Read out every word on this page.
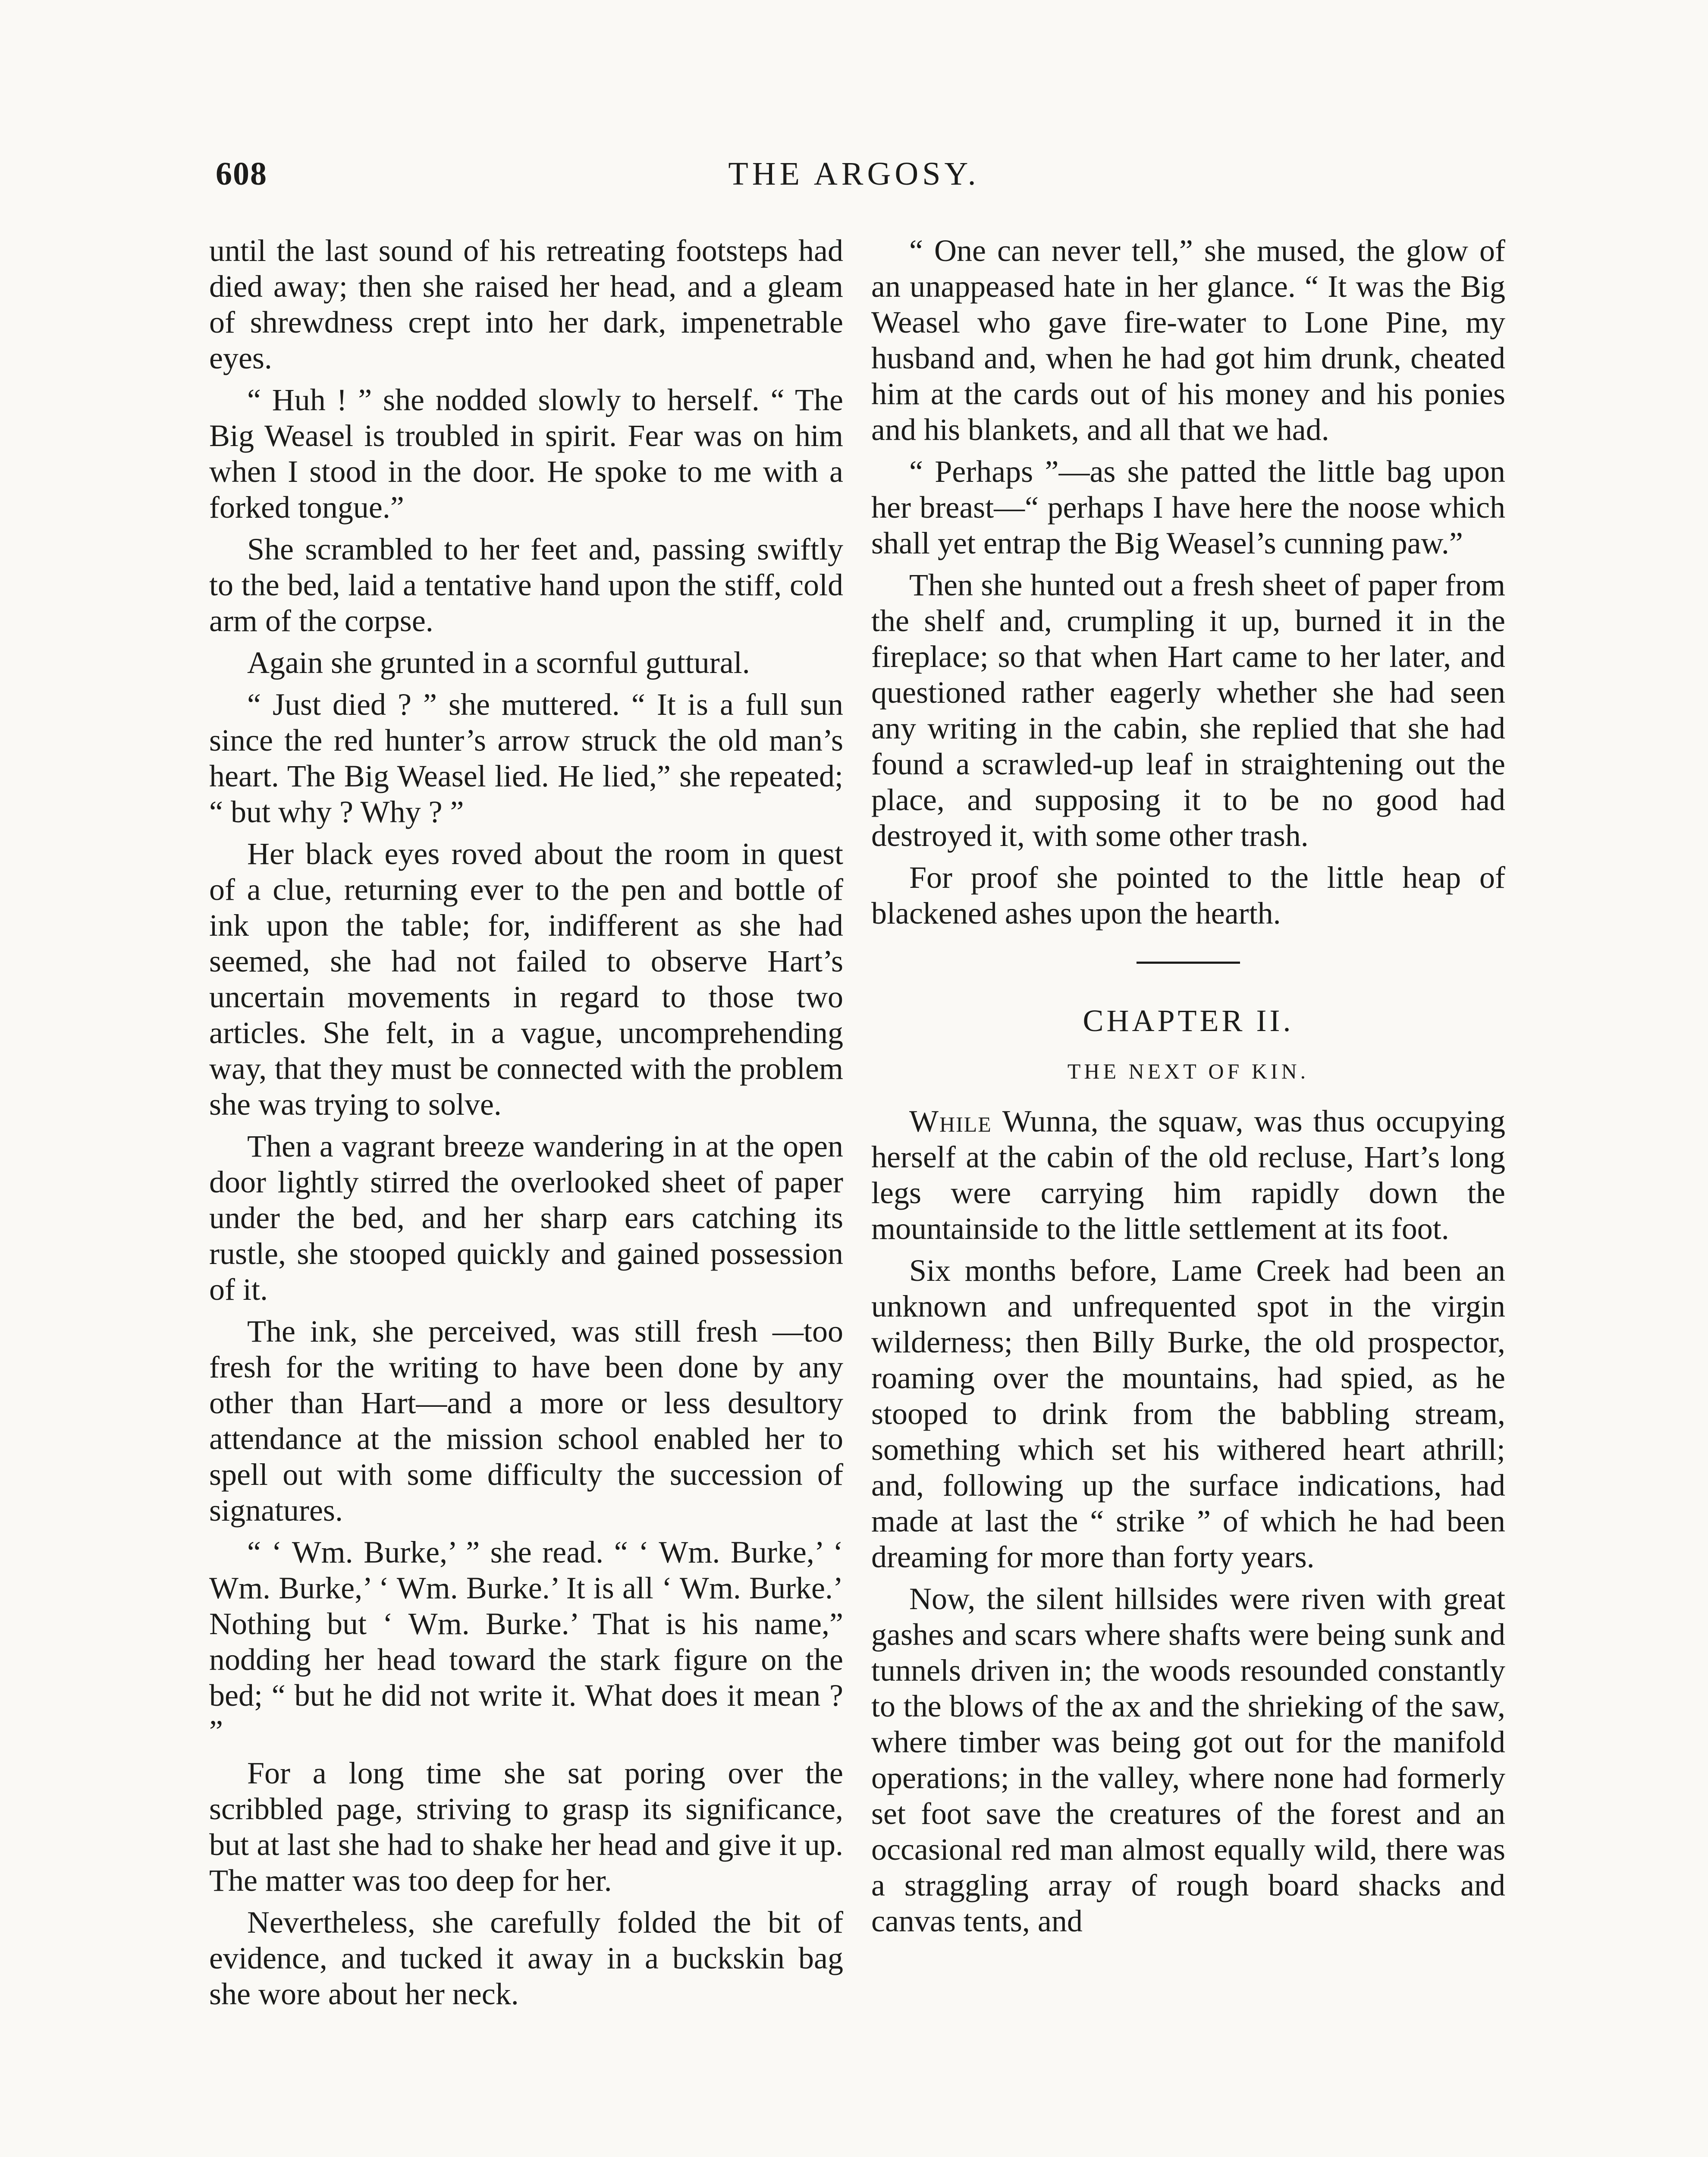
608	THE ARGOSY.

until the last sound of his retreating footsteps had died away; then she raised her head, and a gleam of shrewdness crept into her dark, impenetrable eyes.

“ Huh ! ” she nodded slowly to herself. “ The Big Weasel is troubled in spirit. Fear was on him when I stood in the door. He spoke to me with a forked tongue.”

She scrambled to her feet and, passing swiftly to the bed, laid a tentative hand upon the stiff, cold arm of the corpse.

Again she grunted in a scornful guttural.

“ Just died ? ” she muttered. “ It is a full sun since the red hunter’s arrow struck the old man’s heart. The Big Weasel lied. He lied,” she repeated; “ but why ? Why ? ”

Her black eyes roved about the room in quest of a clue, returning ever to the pen and bottle of ink upon the table; for, indifferent as she had seemed, she had not failed to observe Hart’s uncertain movements in regard to those two articles. She felt, in a vague, uncomprehending way, that they must be connected with the problem she was trying to solve.

Then a vagrant breeze wandering in at the open door lightly stirred the overlooked sheet of paper under the bed, and her sharp ears catching its rustle, she stooped quickly and gained possession of it.

The ink, she perceived, was still fresh —too fresh for the writing to have been done by any other than Hart—and a more or less desultory attendance at the mission school enabled her to spell out with some difficulty the succession of signatures.

“ ‘ Wm. Burke,’ ” she read. “ ‘ Wm. Burke,’ ‘ Wm. Burke,’ ‘ Wm. Burke.’ It is all ‘ Wm. Burke.’ Nothing but ‘ Wm. Burke.’ That is his name,” nodding her head toward the stark figure on the bed; “ but he did not write it. What does it mean ? ”

For a long time she sat poring over the scribbled page, striving to grasp its significance, but at last she had to shake her head and give it up. The matter was too deep for her.

Nevertheless, she carefully folded the bit of evidence, and tucked it away in a buckskin bag she wore about her neck.

“ One can never tell,” she mused, the glow of an unappeased hate in her glance. “ It was the Big Weasel who gave fire-water to Lone Pine, my husband and, when he had got him drunk, cheated him at the cards out of his money and his ponies and his blankets, and all that we had.

“ Perhaps ”—as she patted the little bag upon her breast—“ perhaps I have here the noose which shall yet entrap the Big Weasel’s cunning paw.”

Then she hunted out a fresh sheet of paper from the shelf and, crumpling it up, burned it in the fireplace; so that when Hart came to her later, and questioned rather eagerly whether she had seen any writing in the cabin, she replied that she had found a scrawled-up leaf in straightening out the place, and supposing it to be no good had destroyed it, with some other trash.

For proof she pointed to the little heap of blackened ashes upon the hearth.

CHAPTER II.
THE NEXT OF KIN.

While Wunna, the squaw, was thus occupying herself at the cabin of the old recluse, Hart’s long legs were carrying him rapidly down the mountainside to the little settlement at its foot.

Six months before, Lame Creek had been an unknown and unfrequented spot in the virgin wilderness; then Billy Burke, the old prospector, roaming over the mountains, had spied, as he stooped to drink from the babbling stream, something which set his withered heart athrill; and, following up the surface indications, had made at last the “ strike ” of which he had been dreaming for more than forty years.

Now, the silent hillsides were riven with great gashes and scars where shafts were being sunk and tunnels driven in; the woods resounded constantly to the blows of the ax and the shrieking of the saw, where timber was being got out for the manifold operations; in the valley, where none had formerly set foot save the creatures of the forest and an occasional red man almost equally wild, there was a straggling array of rough board shacks and canvas tents, and
